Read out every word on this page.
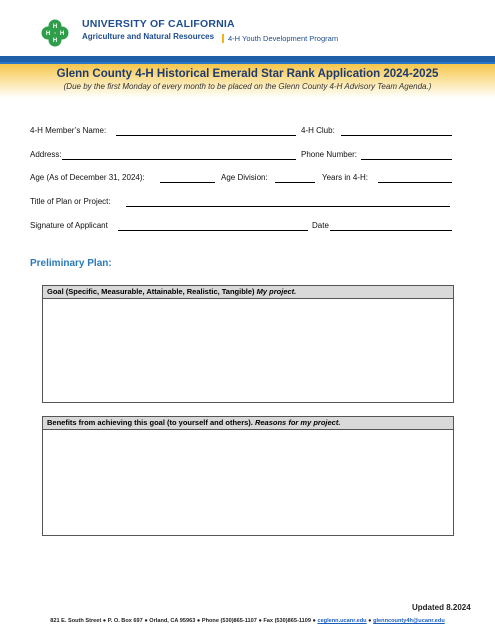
H
H
H
H
UNIVERSITY OF CALIFORNIA
Agriculture and Natural Resources 4-H Youth Development Program
Glenn County 4-H Historical Emerald Star Rank Application 2024-2025
(Due by the first Monday of every month to be placed on the Glenn County 4-H Advisory Team Agenda.)
4-H Member’s Name:	4-H Club:
Address:	Phone Number:
Age (As of December 31, 2024):	Age Division:	Years in 4-H:
Title of Plan or Project:
Signature of Applicant	Date
Preliminary Plan:
Goal (Specific, Measurable, Attainable, Realistic, Tangible) My project.
Benefits from achieving this goal (to yourself and others). Reasons for my project.
Updated 8.2024
821 E. South Street ● P. O. Box 697 ● Orland, CA 95963 ● Phone (530)865-1107 ● Fax (530)865-1109 ● ceglenn.ucanr.edu ● glenncounty4h@ucanr.edu
